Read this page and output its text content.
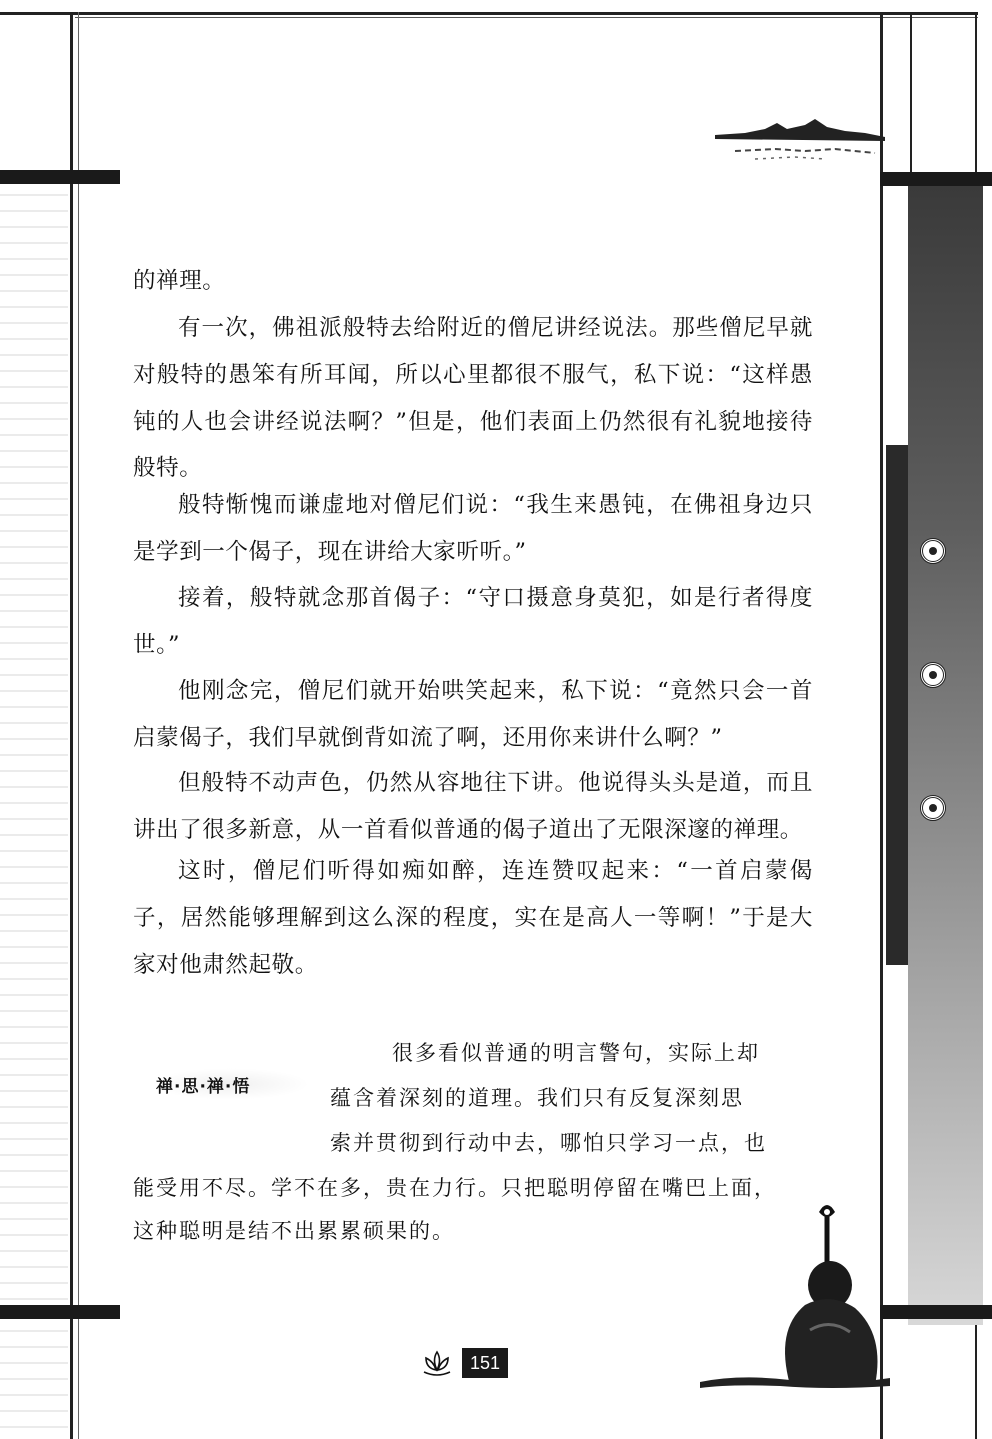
的禅理。

有一次，佛祖派般特去给附近的僧尼讲经说法。那些僧尼早就对般特的愚笨有所耳闻，所以心里都很不服气，私下说：“这样愚钝的人也会讲经说法啊？”但是，他们表面上仍然很有礼貌地接待般特。

般特惭愧而谦虚地对僧尼们说：“我生来愚钝，在佛祖身边只是学到一个偈子，现在讲给大家听听。”

接着，般特就念那首偈子：“守口摄意身莫犯，如是行者得度世。”

他刚念完，僧尼们就开始哄笑起来，私下说：“竟然只会一首启蒙偈子，我们早就倒背如流了啊，还用你来讲什么啊？”

但般特不动声色，仍然从容地往下讲。他说得头头是道，而且讲出了很多新意，从一首看似普通的偈子道出了无限深邃的禅理。

这时，僧尼们听得如痴如醉，连连赞叹起来：“一首启蒙偈子，居然能够理解到这么深的程度，实在是高人一等啊！”于是大家对他肃然起敬。

禅·思·禅·悟

很多看似普通的明言警句，实际上却

蕴含着深刻的道理。我们只有反复深刻思

索并贯彻到行动中去，哪怕只学习一点，也

能受用不尽。学不在多，贵在力行。只把聪明停留在嘴巴上面，

这种聪明是结不出累累硕果的。

151
